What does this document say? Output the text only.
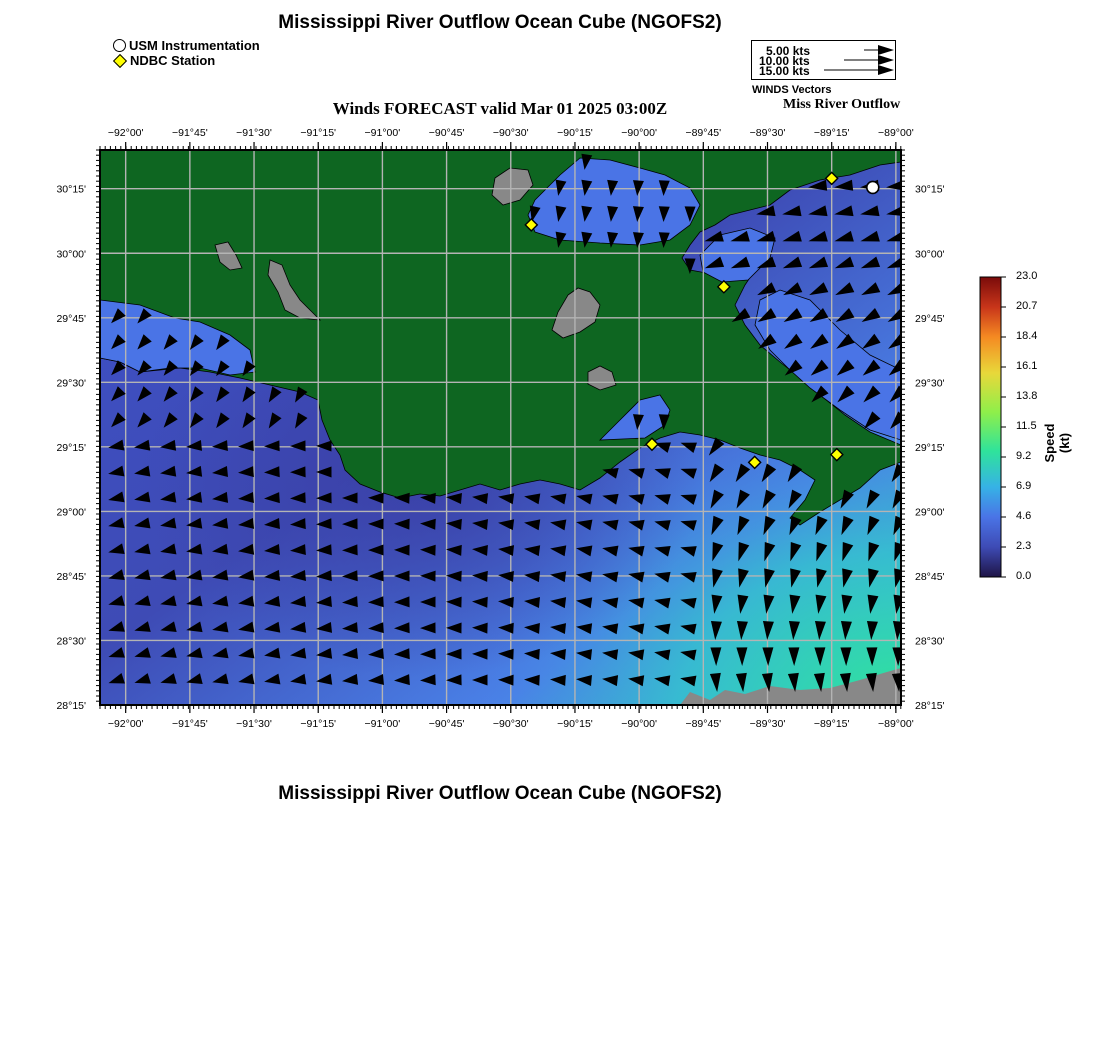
Mississippi River Outflow Ocean Cube (NGOFS2)
USM Instrumentation
NDBC Station
5.00 kts
10.00 kts
15.00 kts
WINDS Vectors
Miss River Outflow
Winds FORECAST valid Mar 01 2025 03:00Z
−92°00'
−92°00'
−91°45'
−91°45'
−91°30'
−91°30'
−91°15'
−91°15'
−91°00'
−91°00'
−90°45'
−90°45'
−90°30'
−90°30'
−90°15'
−90°15'
−90°00'
−90°00'
−89°45'
−89°45'
−89°30'
−89°30'
−89°15'
−89°15'
−89°00'
−89°00'
30°15'	30°15'
30°00'	30°00'
29°45'	29°45'
29°30'	29°30'
29°15'	29°15'
29°00'	29°00'
28°45'	28°45'
28°30'	28°30'
28°15'	28°15'
Speed (kt)
23.0
20.7
18.4
16.1
13.8
11.5
9.2
6.9
4.6
2.3
0.0
Mississippi River Outflow Ocean Cube (NGOFS2)
